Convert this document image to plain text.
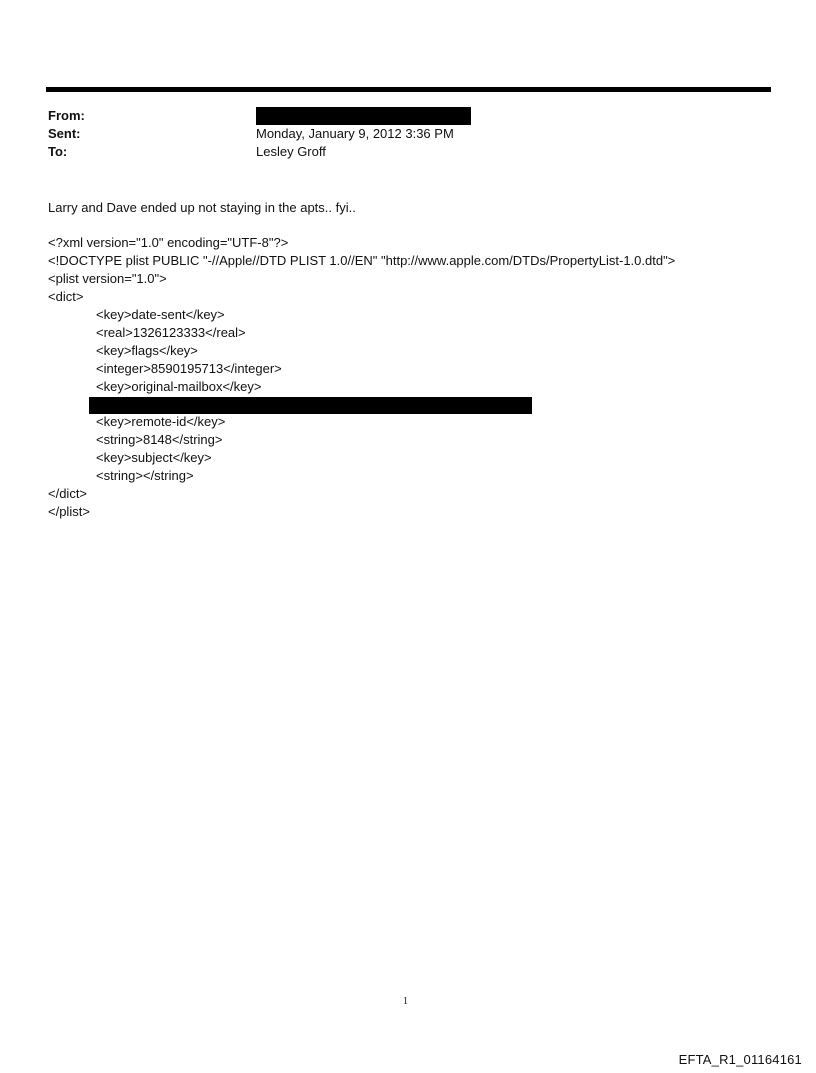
From:
Sent:	Monday, January 9, 2012 3:36 PM
To:	Lesley Groff
Larry and Dave ended up not staying in the apts.. fyi..
<?xml version="1.0" encoding="UTF-8"?>
<!DOCTYPE plist PUBLIC "-//Apple//DTD PLIST 1.0//EN" "http://www.apple.com/DTDs/PropertyList-1.0.dtd">
<plist version="1.0">
<dict>
<key>date-sent</key>
<real>1326123333</real>
<key>flags</key>
<integer>8590195713</integer>
<key>original-mailbox</key>
<key>remote-id</key>
<string>8148</string>
<key>subject</key>
<string></string>
</dict>
</plist>
1
EFTA_R1_01164161
